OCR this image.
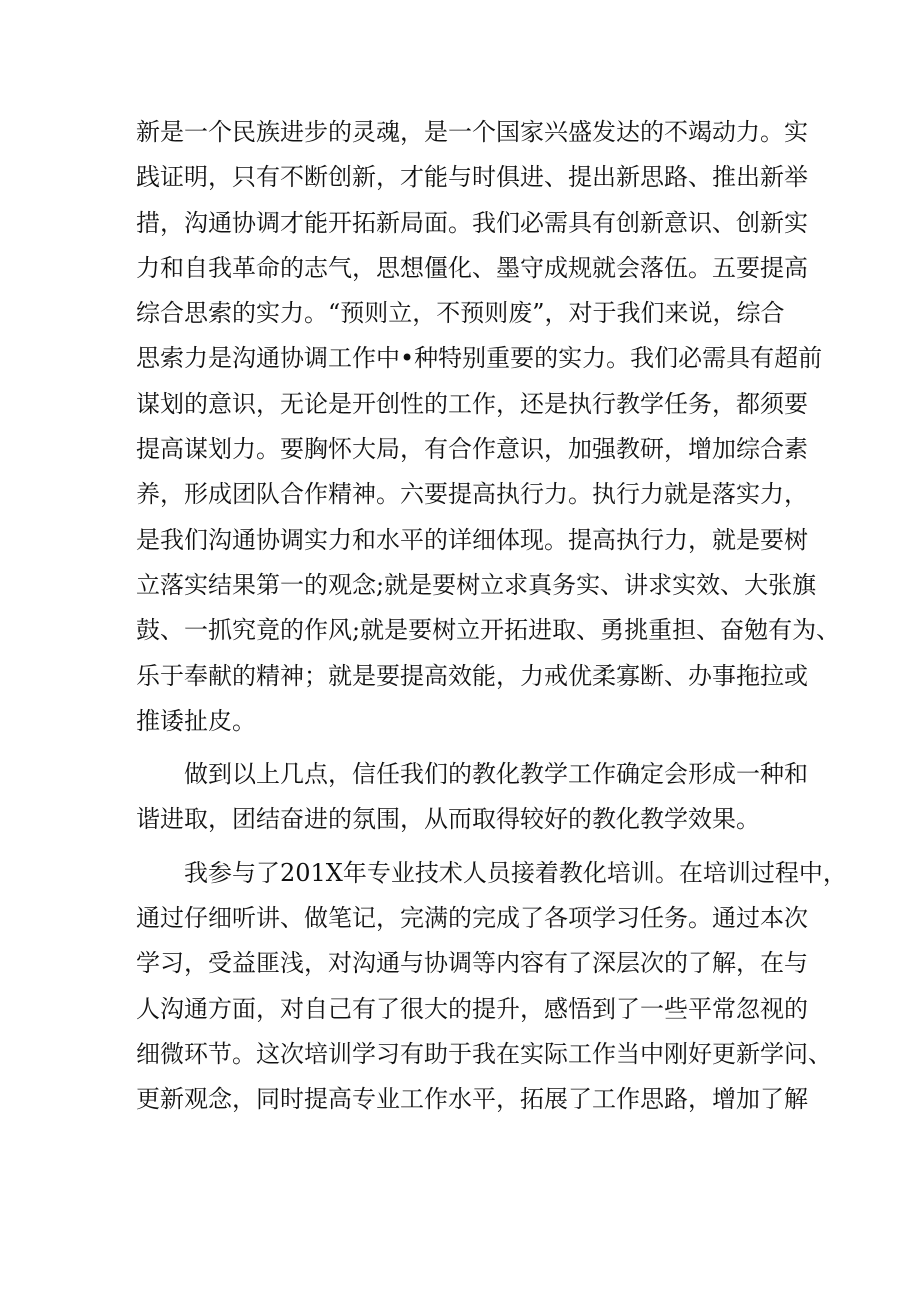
新是一个民族进步的灵魂，是一个国家兴盛发达的不竭动力。实
践证明，只有不断创新，才能与时俱进、提出新思路、推出新举
措，沟通协调才能开拓新局面。我们必需具有创新意识、创新实
力和自我革命的志气，思想僵化、墨守成规就会落伍。五要提高
综合思索的实力。“预则立，不预则废”，对于我们来说，综合
思索力是沟通协调工作中•种特别重要的实力。我们必需具有超前
谋划的意识，无论是开创性的工作，还是执行教学任务，都须要
提高谋划力。要胸怀大局，有合作意识，加强教研，增加综合素
养，形成团队合作精神。六要提高执行力。执行力就是落实力，
是我们沟通协调实力和水平的详细体现。提高执行力，就是要树
立落实结果第一的观念;就是要树立求真务实、讲求实效、大张旗
鼓、一抓究竟的作风;就是要树立开拓进取、勇挑重担、奋勉有为、
乐于奉献的精神；就是要提高效能，力戒优柔寡断、办事拖拉或
推诿扯皮。
做到以上几点，信任我们的教化教学工作确定会形成一种和
谐进取，团结奋进的氛围，从而取得较好的教化教学效果。
我参与了201X年专业技术人员接着教化培训。在培训过程中，
通过仔细听讲、做笔记，完满的完成了各项学习任务。通过本次
学习，受益匪浅，对沟通与协调等内容有了深层次的了解，在与
人沟通方面，对自己有了很大的提升，感悟到了一些平常忽视的
细微环节。这次培训学习有助于我在实际工作当中刚好更新学问、
更新观念，同时提高专业工作水平，拓展了工作思路，增加了解
